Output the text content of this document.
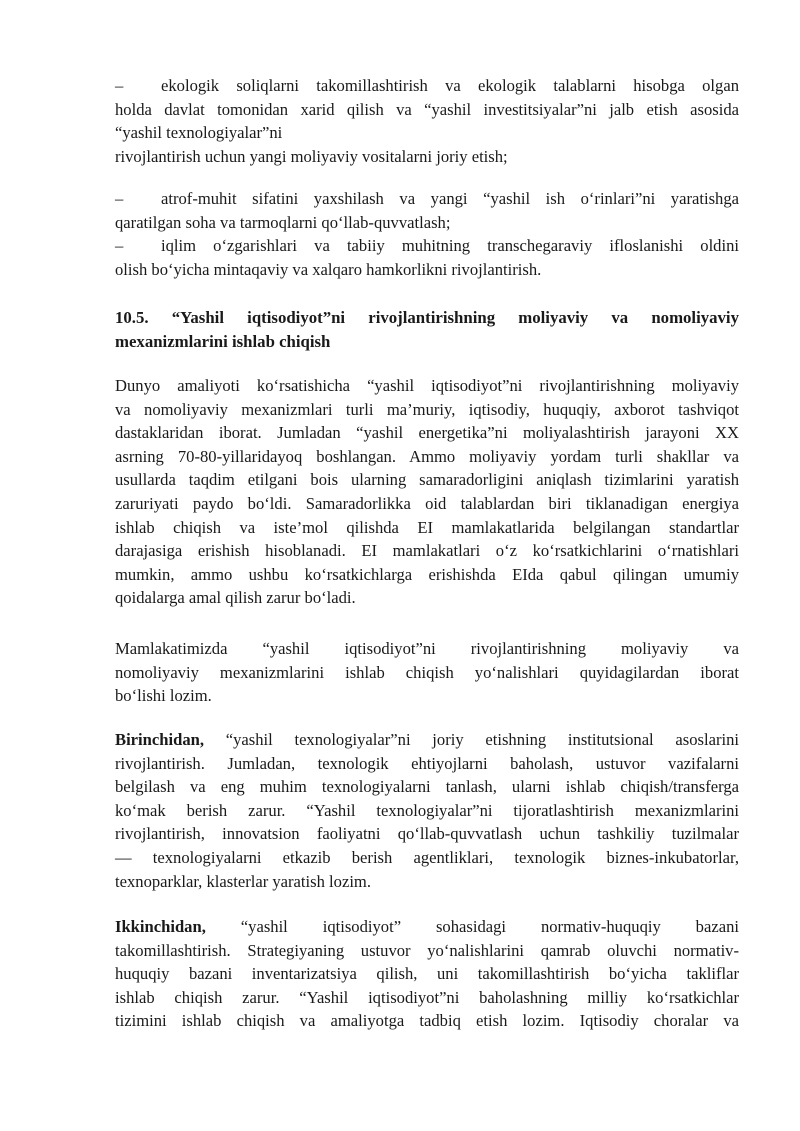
– ekologik soliqlarni takomillashtirish va ekologik talablarni hisobga olgan
holda davlat tomonidan xarid qilish va “yashil investitsiyalar”ni jalb etish asosida
“yashil texnologiyalar”ni
rivojlantirish uchun yangi moliyaviy vositalarni joriy etish;
– atrof-muhit sifatini yaxshilash va yangi “yashil ish o‘rinlari”ni yaratishga
qaratilgan soha va tarmoqlarni qo‘llab-quvvatlash;
– iqlim o‘zgarishlari va tabiiy muhitning transchegaraviy ifloslanishi oldini
olish bo‘yicha mintaqaviy va xalqaro hamkorlikni rivojlantirish.
10.5. “Yashil iqtisodiyot”ni rivojlantirishning moliyaviy va nomoliyaviy
mexanizmlarini ishlab chiqish
Dunyo amaliyoti ko‘rsatishicha “yashil iqtisodiyot”ni rivojlantirishning moliyaviy
va nomoliyaviy mexanizmlari turli ma’muriy, iqtisodiy, huquqiy, axborot tashviqot
dastaklaridan iborat. Jumladan “yashil energetika”ni moliyalashtirish jarayoni XX
asrning 70-80-yillaridayoq boshlangan. Ammo moliyaviy yordam turli shakllar va
usullarda taqdim etilgani bois ularning samaradorligini aniqlash tizimlarini yaratish
zaruriyati paydo bo‘ldi. Samaradorlikka oid talablardan biri tiklanadigan energiya
ishlab chiqish va iste’mol qilishda EI mamlakatlarida belgilangan standartlar
darajasiga erishish hisoblanadi. EI mamlakatlari o‘z ko‘rsatkichlarini o‘rnatishlari
mumkin, ammo ushbu ko‘rsatkichlarga erishishda EIda qabul qilingan umumiy
qoidalarga amal qilish zarur bo‘ladi.
Mamlakatimizda “yashil iqtisodiyot”ni rivojlantirishning moliyaviy va
nomoliyaviy mexanizmlarini ishlab chiqish yo‘nalishlari quyidagilardan iborat
bo‘lishi lozim.
Birinchidan, “yashil texnologiyalar”ni joriy etishning institutsional asoslarini
rivojlantirish. Jumladan, texnologik ehtiyojlarni baholash, ustuvor vazifalarni
belgilash va eng muhim texnologiyalarni tanlash, ularni ishlab chiqish/transferga
ko‘mak berish zarur. “Yashil texnologiyalar”ni tijoratlashtirish mexanizmlarini
rivojlantirish, innovatsion faoliyatni qo‘llab-quvvatlash uchun tashkiliy tuzilmalar
— texnologiyalarni etkazib berish agentliklari, texnologik biznes-inkubatorlar,
texnoparklar, klasterlar yaratish lozim.
Ikkinchidan, “yashil iqtisodiyot” sohasidagi normativ-huquqiy bazani
takomillashtirish. Strategiyaning ustuvor yo‘nalishlarini qamrab oluvchi normativ-
huquqiy bazani inventarizatsiya qilish, uni takomillashtirish bo‘yicha takliflar
ishlab chiqish zarur. “Yashil iqtisodiyot”ni baholashning milliy ko‘rsatkichlar
tizimini ishlab chiqish va amaliyotga tadbiq etish lozim. Iqtisodiy choralar va
